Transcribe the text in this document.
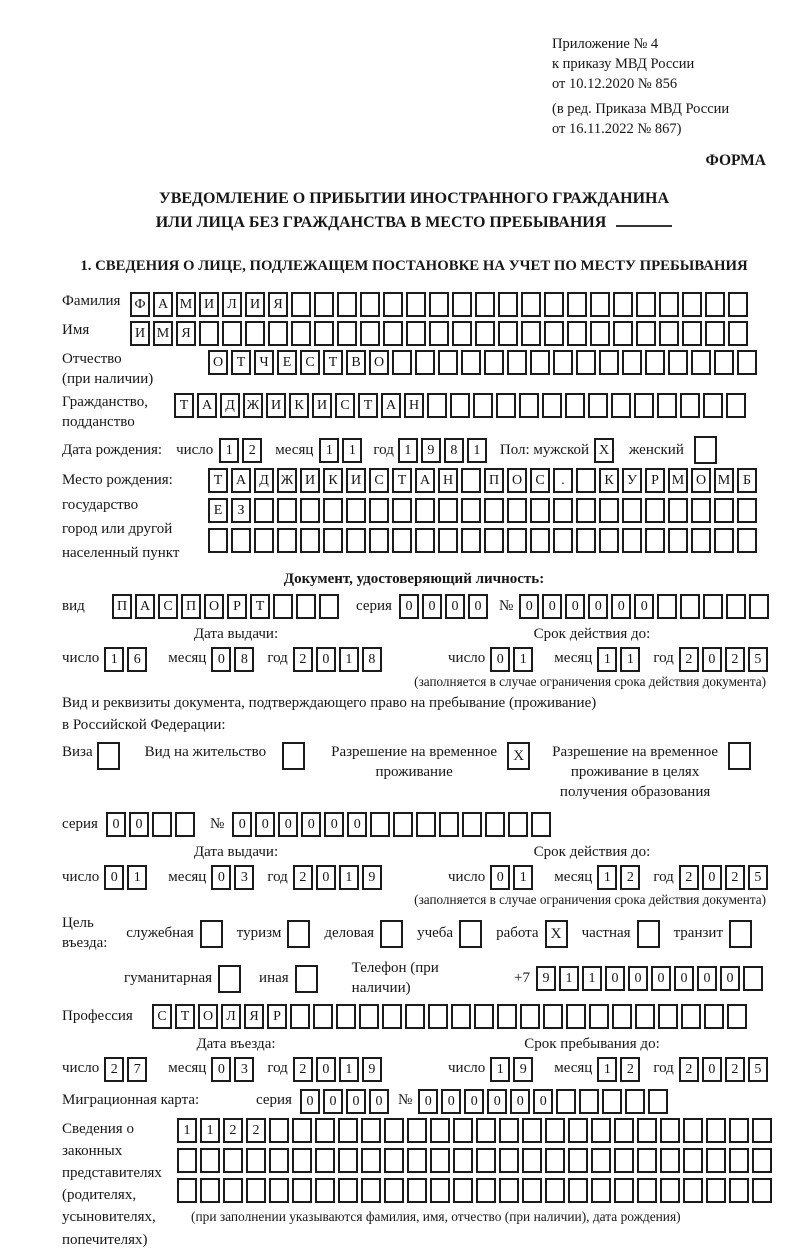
Приложение № 4
к приказу МВД России
от 10.12.2020 № 856
(в ред. Приказа МВД России
от 16.11.2022 № 867)
ФОРМА
УВЕДОМЛЕНИЕ О ПРИБЫТИИ ИНОСТРАННОГО ГРАЖДАНИНА
ИЛИ ЛИЦА БЕЗ ГРАЖДАНСТВА В МЕСТО ПРЕБЫВАНИЯ
1. СВЕДЕНИЯ О ЛИЦЕ, ПОДЛЕЖАЩЕМ ПОСТАНОВКЕ НА УЧЕТ ПО МЕСТУ ПРЕБЫВАНИЯ
Фамилия	Ф А М И Л И Я
Имя	И М Я
Отчество
(при наличии)
О Т	Ч	Е	С	Т	В О
Гражданство,
подданство
Т А Д Ж И К И С	Т А Н
Дата рождения: число 1	2	месяц 1	1	год 1	9	8	1	Пол: мужской X	женский
Место рождения:
государство
город или другой
населенный пункт
Т А Д Ж И К И С	Т А Н	П О С	.	К У	Р М О М Б
Е	З
Документ, удостоверяющий личность:
вид	П А С П О	Р	Т	серия 0	0	0	0	№ 0	0	0	0	0	0
Дата выдачи:
число 1	6	месяц 0	8	год 2	0	1	8
Срок действия до:
число 0	1	месяц 1	1	год 2	0	2	5
(заполняется в случае ограничения срока действия документа)
Вид и реквизиты документа, подтверждающего право на пребывание (проживание)
в Российской Федерации:
Виза	Вид на жительство	Разрешение на временное проживание
X	Разрешение на временное проживание в целях получения образования
серия	0	0	№	0	0	0	0	0	0
Дата выдачи:
число 0	1	месяц 0	3	год 2	0	1	9
Срок действия до:
число 0	1	месяц 1	2	год 2	0	2	5
(заполняется в случае ограничения срока действия документа)
Цель въезда:
служебная	туризм	деловая	учеба	работа X	частная	транзит
гуманитарная	иная
Телефон (при наличии)
+7 9	1	1	0	0	0	0	0	0
Профессия	С	Т О Л Я	Р
Дата въезда:
число 2	7	месяц 0	3	год 2	0	1	9
Срок пребывания до:
число 1	9	месяц 1	2	год 2	0	2	5
Миграционная карта:	серия	0	0	0	0	№ 0	0	0	0	0	0
Сведения о
законных
представителях
(родителях,
усыновителях,
попечителях)
1	1	2	2
(при заполнении указываются фамилия, имя, отчество (при наличии), дата рождения)
